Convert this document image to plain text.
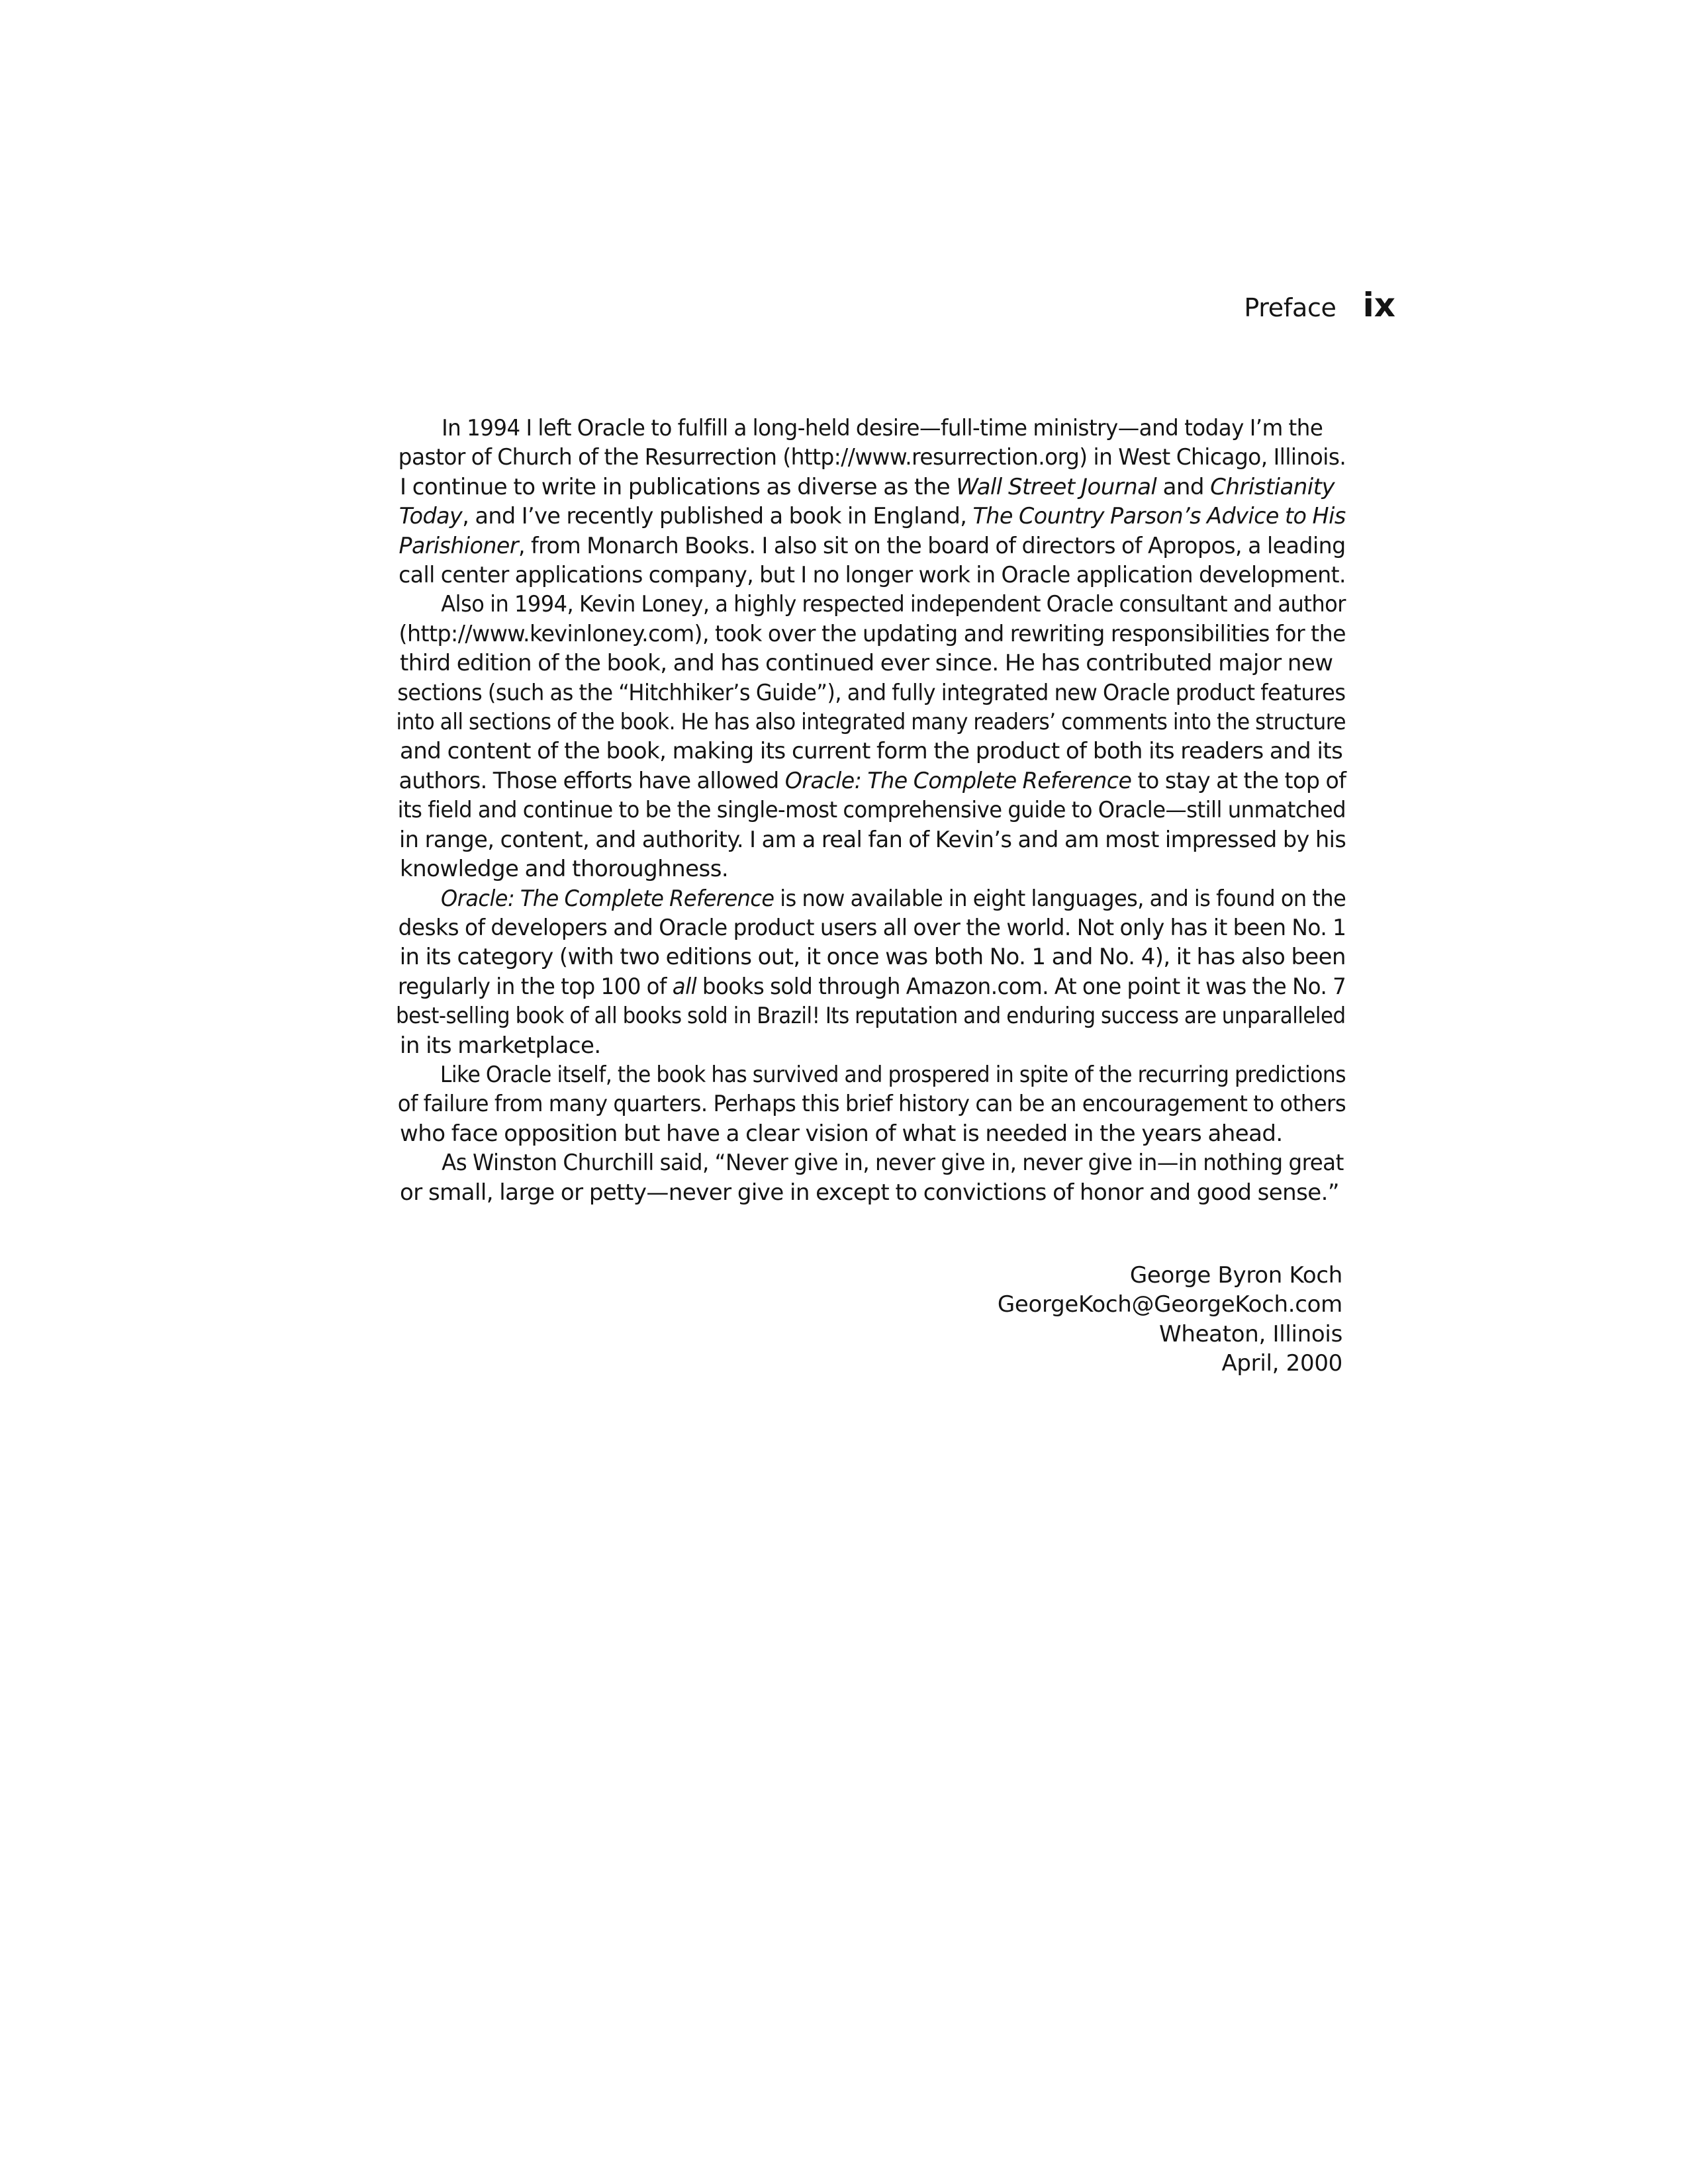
Preface ix

In 1994 I left Oracle to fulfill a long-held desire—full-time ministry—and today I’m the pastor of Church of the Resurrection (http://www.resurrection.org) in West Chicago, Illinois.
I continue to write in publications as diverse as the Wall Street Journal and Christianity
Today, and I’ve recently published a book in England, The Country Parson’s Advice to His Parishioner, from Monarch Books. I also sit on the board of directors of Apropos, a leading call center applications company, but I no longer work in Oracle application development.

Also in 1994, Kevin Loney, a highly respected independent Oracle consultant and author (http://www.kevinloney.com), took over the updating and rewriting responsibilities for the
third edition of the book, and has continued ever since. He has contributed major new
sections (such as the “Hitchhiker’s Guide”), and fully integrated new Oracle product features into all sections of the book. He has also integrated many readers’ comments into the structure
and content of the book, making its current form the product of both its readers and its
authors. Those efforts have allowed Oracle: The Complete Reference to stay at the top of its field and continue to be the single-most comprehensive guide to Oracle—still unmatched in range, content, and authority. I am a real fan of Kevin’s and am most impressed by his
knowledge and thoroughness.

Oracle: The Complete Reference is now available in eight languages, and is found on the desks of developers and Oracle product users all over the world. Not only has it been No. 1 in its category (with two editions out, it once was both No. 1 and No. 4), it has also been regularly in the top 100 of all books sold through Amazon.com. At one point it was the No. 7 best-selling book of all books sold in Brazil! Its reputation and enduring success are unparalleled
in its marketplace.

Like Oracle itself, the book has survived and prospered in spite of the recurring predictions of failure from many quarters. Perhaps this brief history can be an encouragement to others
who face opposition but have a clear vision of what is needed in the years ahead.

As Winston Churchill said, “Never give in, never give in, never give in—in nothing great
or small, large or petty—never give in except to convictions of honor and good sense.”

George Byron Koch
GeorgeKoch@GeorgeKoch.com
Wheaton, Illinois
April, 2000
